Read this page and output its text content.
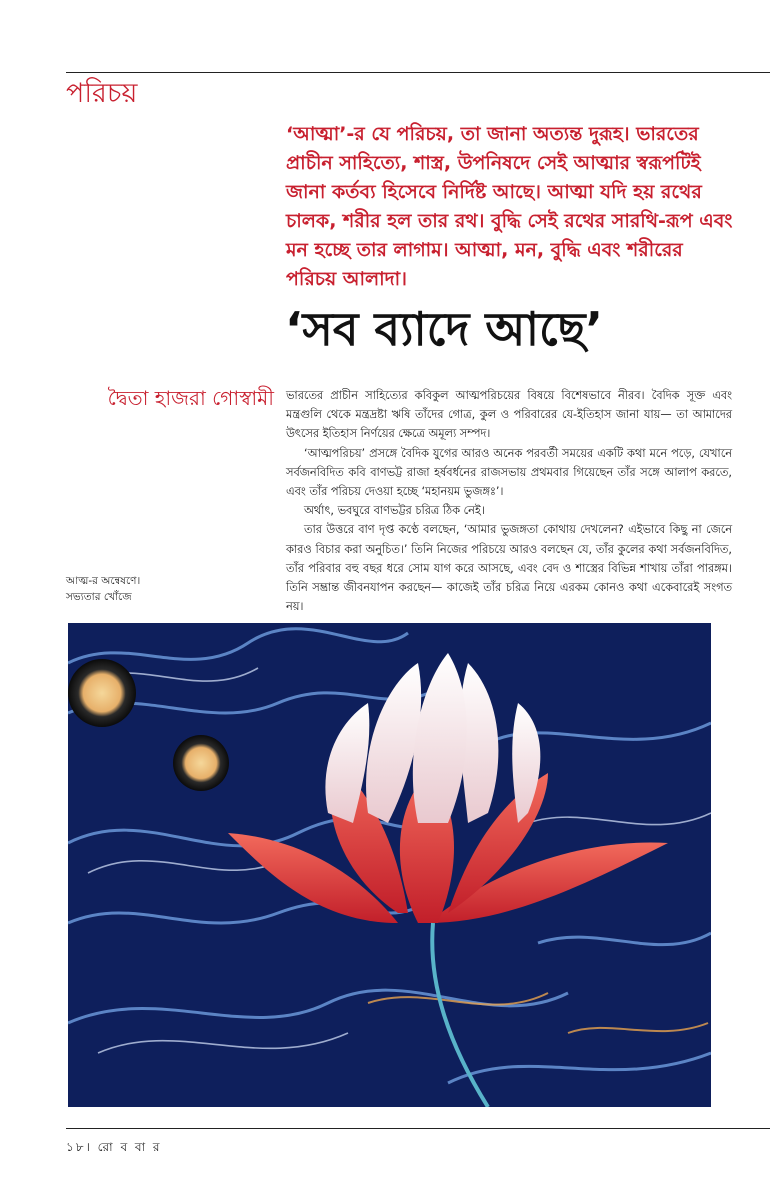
পরিচয়

‘আত্মা’-র যে পরিচয়, তা জানা অত্যন্ত দুরূহ। ভারতের প্রাচীন সাহিত্যে, শাস্ত্র, উপনিষদে সেই আত্মার স্বরূপটিই জানা কর্তব্য হিসেবে নির্দিষ্ট আছে। আত্মা যদি হয় রথের চালক, শরীর হল তার রথ। বুদ্ধি সেই রথের সারথি-রূপ এবং মন হচ্ছে তার লাগাম। আত্মা, মন, বুদ্ধি এবং শরীরের পরিচয় আলাদা।

‘সব ব্যাদে আছে’
দ্বৈতা হাজরা গোস্বামী ভারতের প্রাচীন সাহিত্যের কবিকুল আত্মপরিচয়ের বিষয়ে বিশেষভাবে নীরব। বৈদিক সূক্ত এবং মন্ত্রগুলি থেকে মন্ত্রদ্রষ্টা ঋষি তাঁদের গোত্র, কুল ও পরিবারের যে-ইতিহাস জানা যায়— তা আমাদের উৎসের ইতিহাস নির্ণয়ের ক্ষেত্রে অমূল্য সম্পদ।

‘আত্মপরিচয়’ প্রসঙ্গে বৈদিক যুগের আরও অনেক পরবর্তী সময়ের একটি কথা মনে পড়ে, যেখানে সর্বজনবিদিত কবি বাণভট্ট রাজা হর্ষবর্ধনের রাজসভায় প্রথমবার গিয়েছেন তাঁর সঙ্গে আলাপ করতে, এবং তাঁর পরিচয় দেওয়া হচ্ছে ‘মহানয়ম ভুজঙ্গঃ’।

অর্থাৎ, ভবঘুরে বাণভট্টর চরিত্র ঠিক নেই।

তার উত্তরে বাণ দৃপ্ত কণ্ঠে বলছেন, ‘আমার ভুজঙ্গতা কোথায় দেখলেন? এইভাবে কিছু না জেনে কারও বিচার করা অনুচিত।’ তিনি নিজের পরিচয়ে আরও বলছেন যে, তাঁর কুলের কথা সর্বজনবিদিত, তাঁর পরিবার বহু বছর ধরে সোম যাগ করে আসছে, এবং বেদ ও শাস্ত্রের বিভিন্ন শাখায় তাঁরা পারঙ্গম। তিনি সম্ভ্রান্ত জীবনযাপন করছেন— কাজেই তাঁর চরিত্র নিয়ে এরকম কোনও কথা একেবারেই সংগত নয়।

আত্ম-র অন্বেষণে।
সভ্যতার খোঁজে
১৮। রো ব বা র
